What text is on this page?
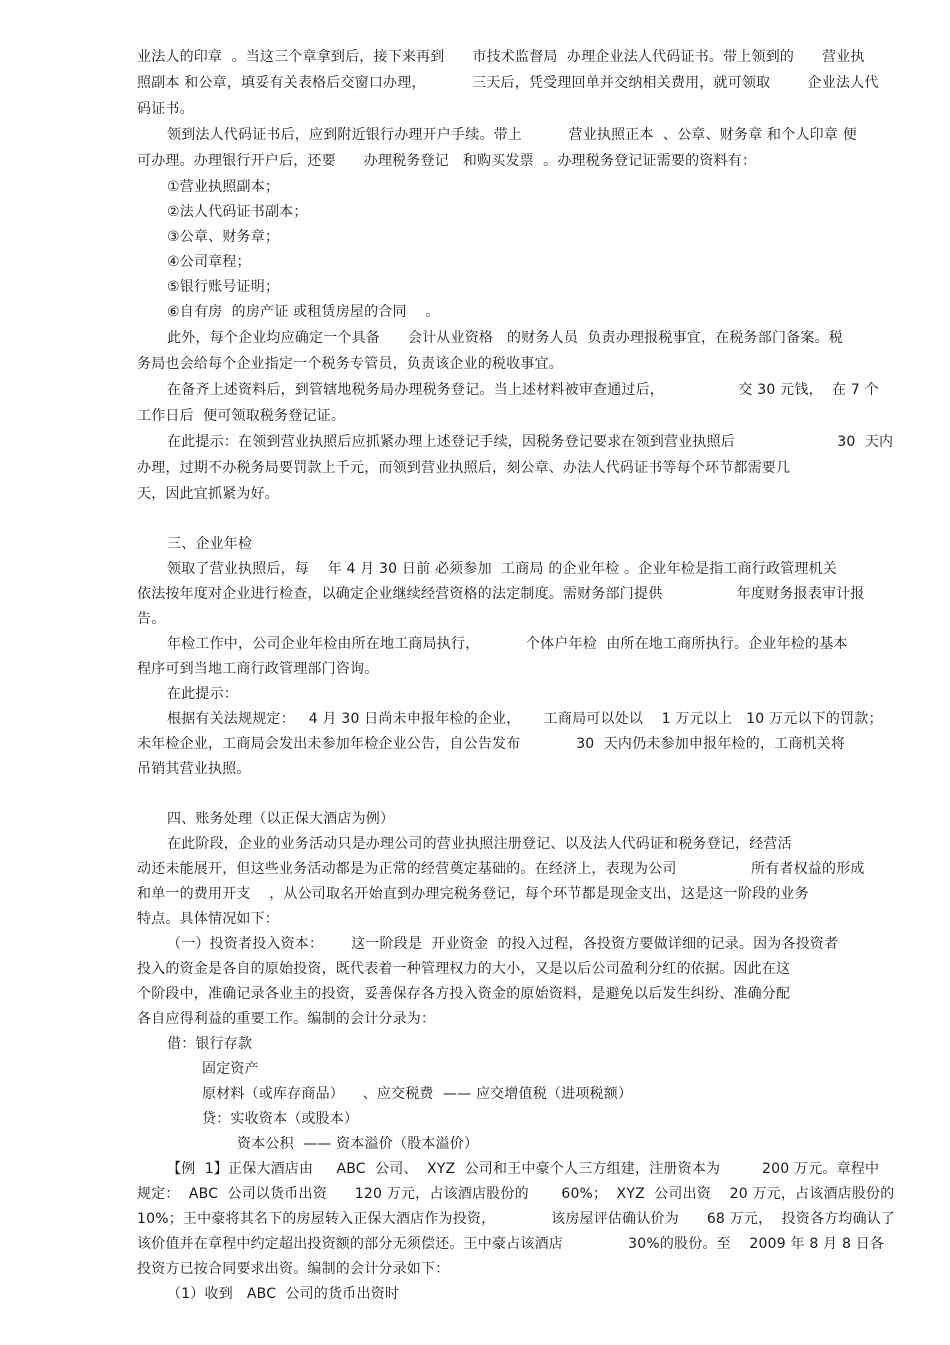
业法人的印章  。当这三个章拿到后，接下来再到      市技术监督局  办理企业法人代码证书。带上领到的      营业执
照副本 和公章，填妥有关表格后交窗口办理，          三天后，凭受理回单并交纳相关费用，就可领取        企业法人代
码证书。
领到法人代码证书后，应到附近银行办理开户手续。带上          营业执照正本  、公章、财务章 和个人印章 便
可办理。办理银行开户后，还要      办理税务登记   和购买发票  。办理税务登记证需要的资料有：
①营业执照副本；
②法人代码证书副本；
③公章、财务章；
④公司章程；
⑤银行账号证明；
⑥自有房  的房产证 或租赁房屋的合同    。
此外，每个企业均应确定一个具备      会计从业资格   的财务人员  负责办理报税事宜，在税务部门备案。税
务局也会给每个企业指定一个税务专管员，负责该企业的税收事宜。
在备齐上述资料后，到管辖地税务局办理税务登记。当上述材料被审查通过后，                交 30 元钱，  在 7 个
工作日后  便可领取税务登记证。
在此提示：在领到营业执照后应抓紧办理上述登记手续，因税务登记要求在领到营业执照后                      30  天内
办理，过期不办税务局要罚款上千元，而领到营业执照后，刻公章、办法人代码证书等每个环节都需要几
天，因此宜抓紧为好。
三、企业年检
领取了营业执照后，每    年 4 月 30 日前 必须参加  工商局 的企业年检 。企业年检是指工商行政管理机关
依法按年度对企业进行检查，以确定企业继续经营资格的法定制度。需财务部门提供                年度财务报表审计报
告。
年检工作中，公司企业年检由所在地工商局执行，          个体户年检  由所在地工商所执行。企业年检的基本
程序可到当地工商行政管理部门咨询。
在此提示：
根据有关法规规定：   4 月 30 日尚未申报年检的企业，     工商局可以处以    1 万元以上   10 万元以下的罚款；
未年检企业，工商局会发出未参加年检企业公告，自公告发布            30  天内仍未参加申报年检的，工商机关将
吊销其营业执照。
四、账务处理（以正保大酒店为例）
在此阶段，企业的业务活动只是办理公司的营业执照注册登记、以及法人代码证和税务登记，经营活
动还未能展开，但这些业务活动都是为正常的经营奠定基础的。在经济上，表现为公司                所有者权益的形成
和单一的费用开支    ，从公司取名开始直到办理完税务登记，每个环节都是现金支出，这是这一阶段的业务
特点。具体情况如下：
（一）投资者投入资本：      这一阶段是  开业资金  的投入过程，各投资方要做详细的记录。因为各投资者
投入的资金是各自的原始投资，既代表着一种管理权力的大小，又是以后公司盈利分红的依据。因此在这
个阶段中，准确记录各业主的投资，妥善保存各方投入资金的原始资料，是避免以后发生纠纷、准确分配
各自应得利益的重要工作。编制的会计分录为：
借：银行存款
固定资产
原材料（或库存商品）    、应交税费  —— 应交增值税（进项税额）
贷：实收资本（或股本）
资本公积  —— 资本溢价（股本溢价）
【例  1】正保大酒店由     ABC  公司、  XYZ  公司和王中豪个人三方组建，注册资本为         200 万元。章程中
规定：  ABC  公司以货币出资      120 万元，占该酒店股份的       60%；  XYZ  公司出资    20 万元，占该酒店股份的
10%；王中豪将其名下的房屋转入正保大酒店作为投资，            该房屋评估确认价为      68 万元，  投资各方均确认了
该价值并在章程中约定超出投资额的部分无须偿还。王中豪占该酒店              30%的股份。至    2009 年 8 月 8 日各
投资方已按合同要求出资。编制的会计分录如下：
（1）收到   ABC  公司的货币出资时
